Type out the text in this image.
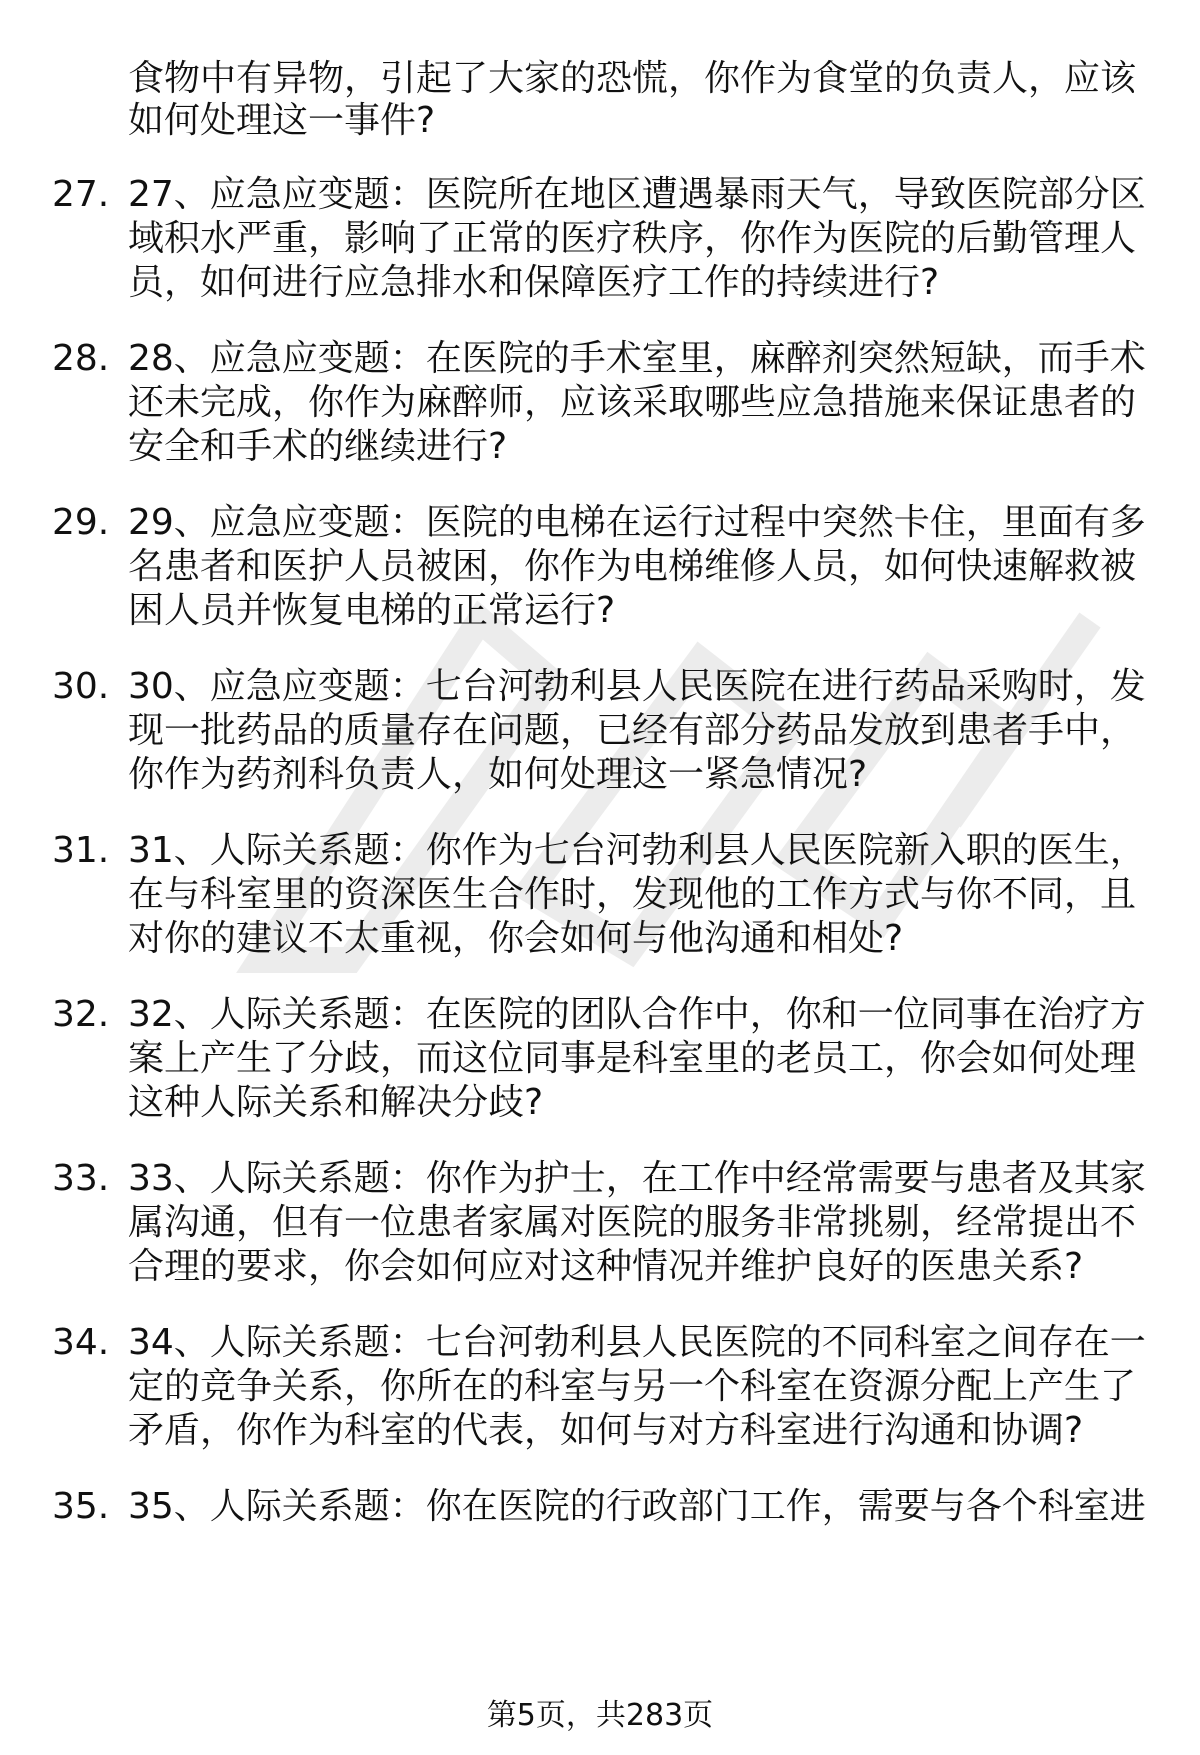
食物中有异物，引起了大家的恐慌，你作为食堂的负责人，应该
如何处理这一事件?
27. 27、应急应变题：医院所在地区遭遇暴雨天气，导致医院部分区
域积水严重，影响了正常的医疗秩序，你作为医院的后勤管理人
员，如何进行应急排水和保障医疗工作的持续进行?
28. 28、应急应变题：在医院的手术室里，麻醉剂突然短缺，而手术
还未完成，你作为麻醉师，应该采取哪些应急措施来保证患者的
安全和手术的继续进行?
29. 29、应急应变题：医院的电梯在运行过程中突然卡住，里面有多
名患者和医护人员被困，你作为电梯维修人员，如何快速解救被
困人员并恢复电梯的正常运行?
30. 30、应急应变题：七台河勃利县人民医院在进行药品采购时，发
现一批药品的质量存在问题，已经有部分药品发放到患者手中，
你作为药剂科负责人，如何处理这一紧急情况?
31. 31、人际关系题：你作为七台河勃利县人民医院新入职的医生，
在与科室里的资深医生合作时，发现他的工作方式与你不同，且
对你的建议不太重视，你会如何与他沟通和相处?
32. 32、人际关系题：在医院的团队合作中，你和一位同事在治疗方
案上产生了分歧，而这位同事是科室里的老员工，你会如何处理
这种人际关系和解决分歧?
33. 33、人际关系题：你作为护士，在工作中经常需要与患者及其家
属沟通，但有一位患者家属对医院的服务非常挑剔，经常提出不
合理的要求，你会如何应对这种情况并维护良好的医患关系?
34. 34、人际关系题：七台河勃利县人民医院的不同科室之间存在一
定的竞争关系，你所在的科室与另一个科室在资源分配上产生了
矛盾，你作为科室的代表，如何与对方科室进行沟通和协调?
35. 35、人际关系题：你在医院的行政部门工作，需要与各个科室进
第5页，共283页
